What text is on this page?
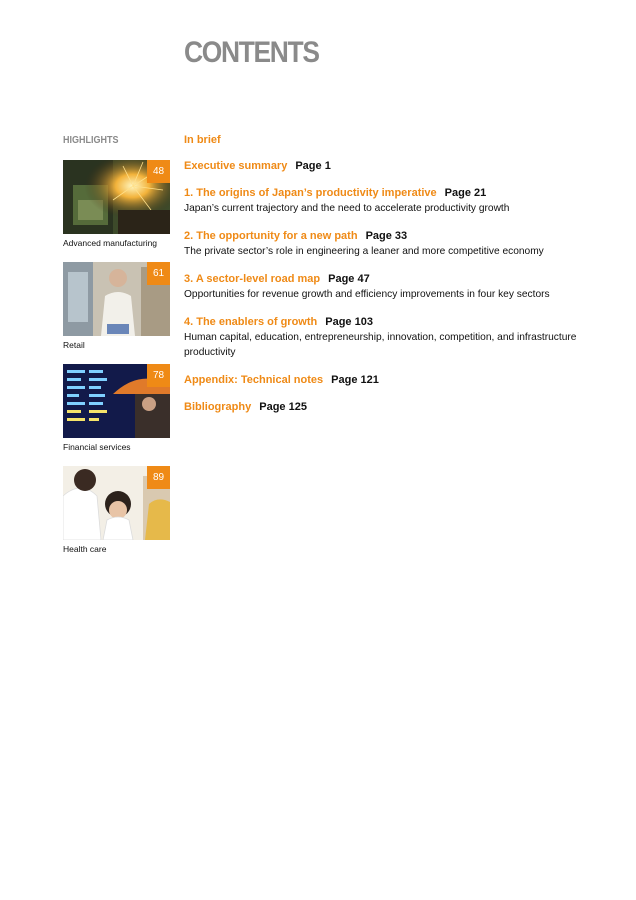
CONTENTS
HIGHLIGHTS
48
Advanced manufacturing
61
Retail
78
Financial services
89
Health care
In brief
Executive summary Page 1
1. The origins of Japan’s productivity imperative Page 21
Japan’s current trajectory and the need to accelerate productivity growth
2. The opportunity for a new path Page 33
The private sector’s role in engineering a leaner and more competitive economy
3. A sector-level road map Page 47
Opportunities for revenue growth and efficiency improvements in four key sectors
4. The enablers of growth Page 103
Human capital, education, entrepreneurship, innovation, competition, and infrastructure productivity
Appendix: Technical notes Page 121
Bibliography Page 125
